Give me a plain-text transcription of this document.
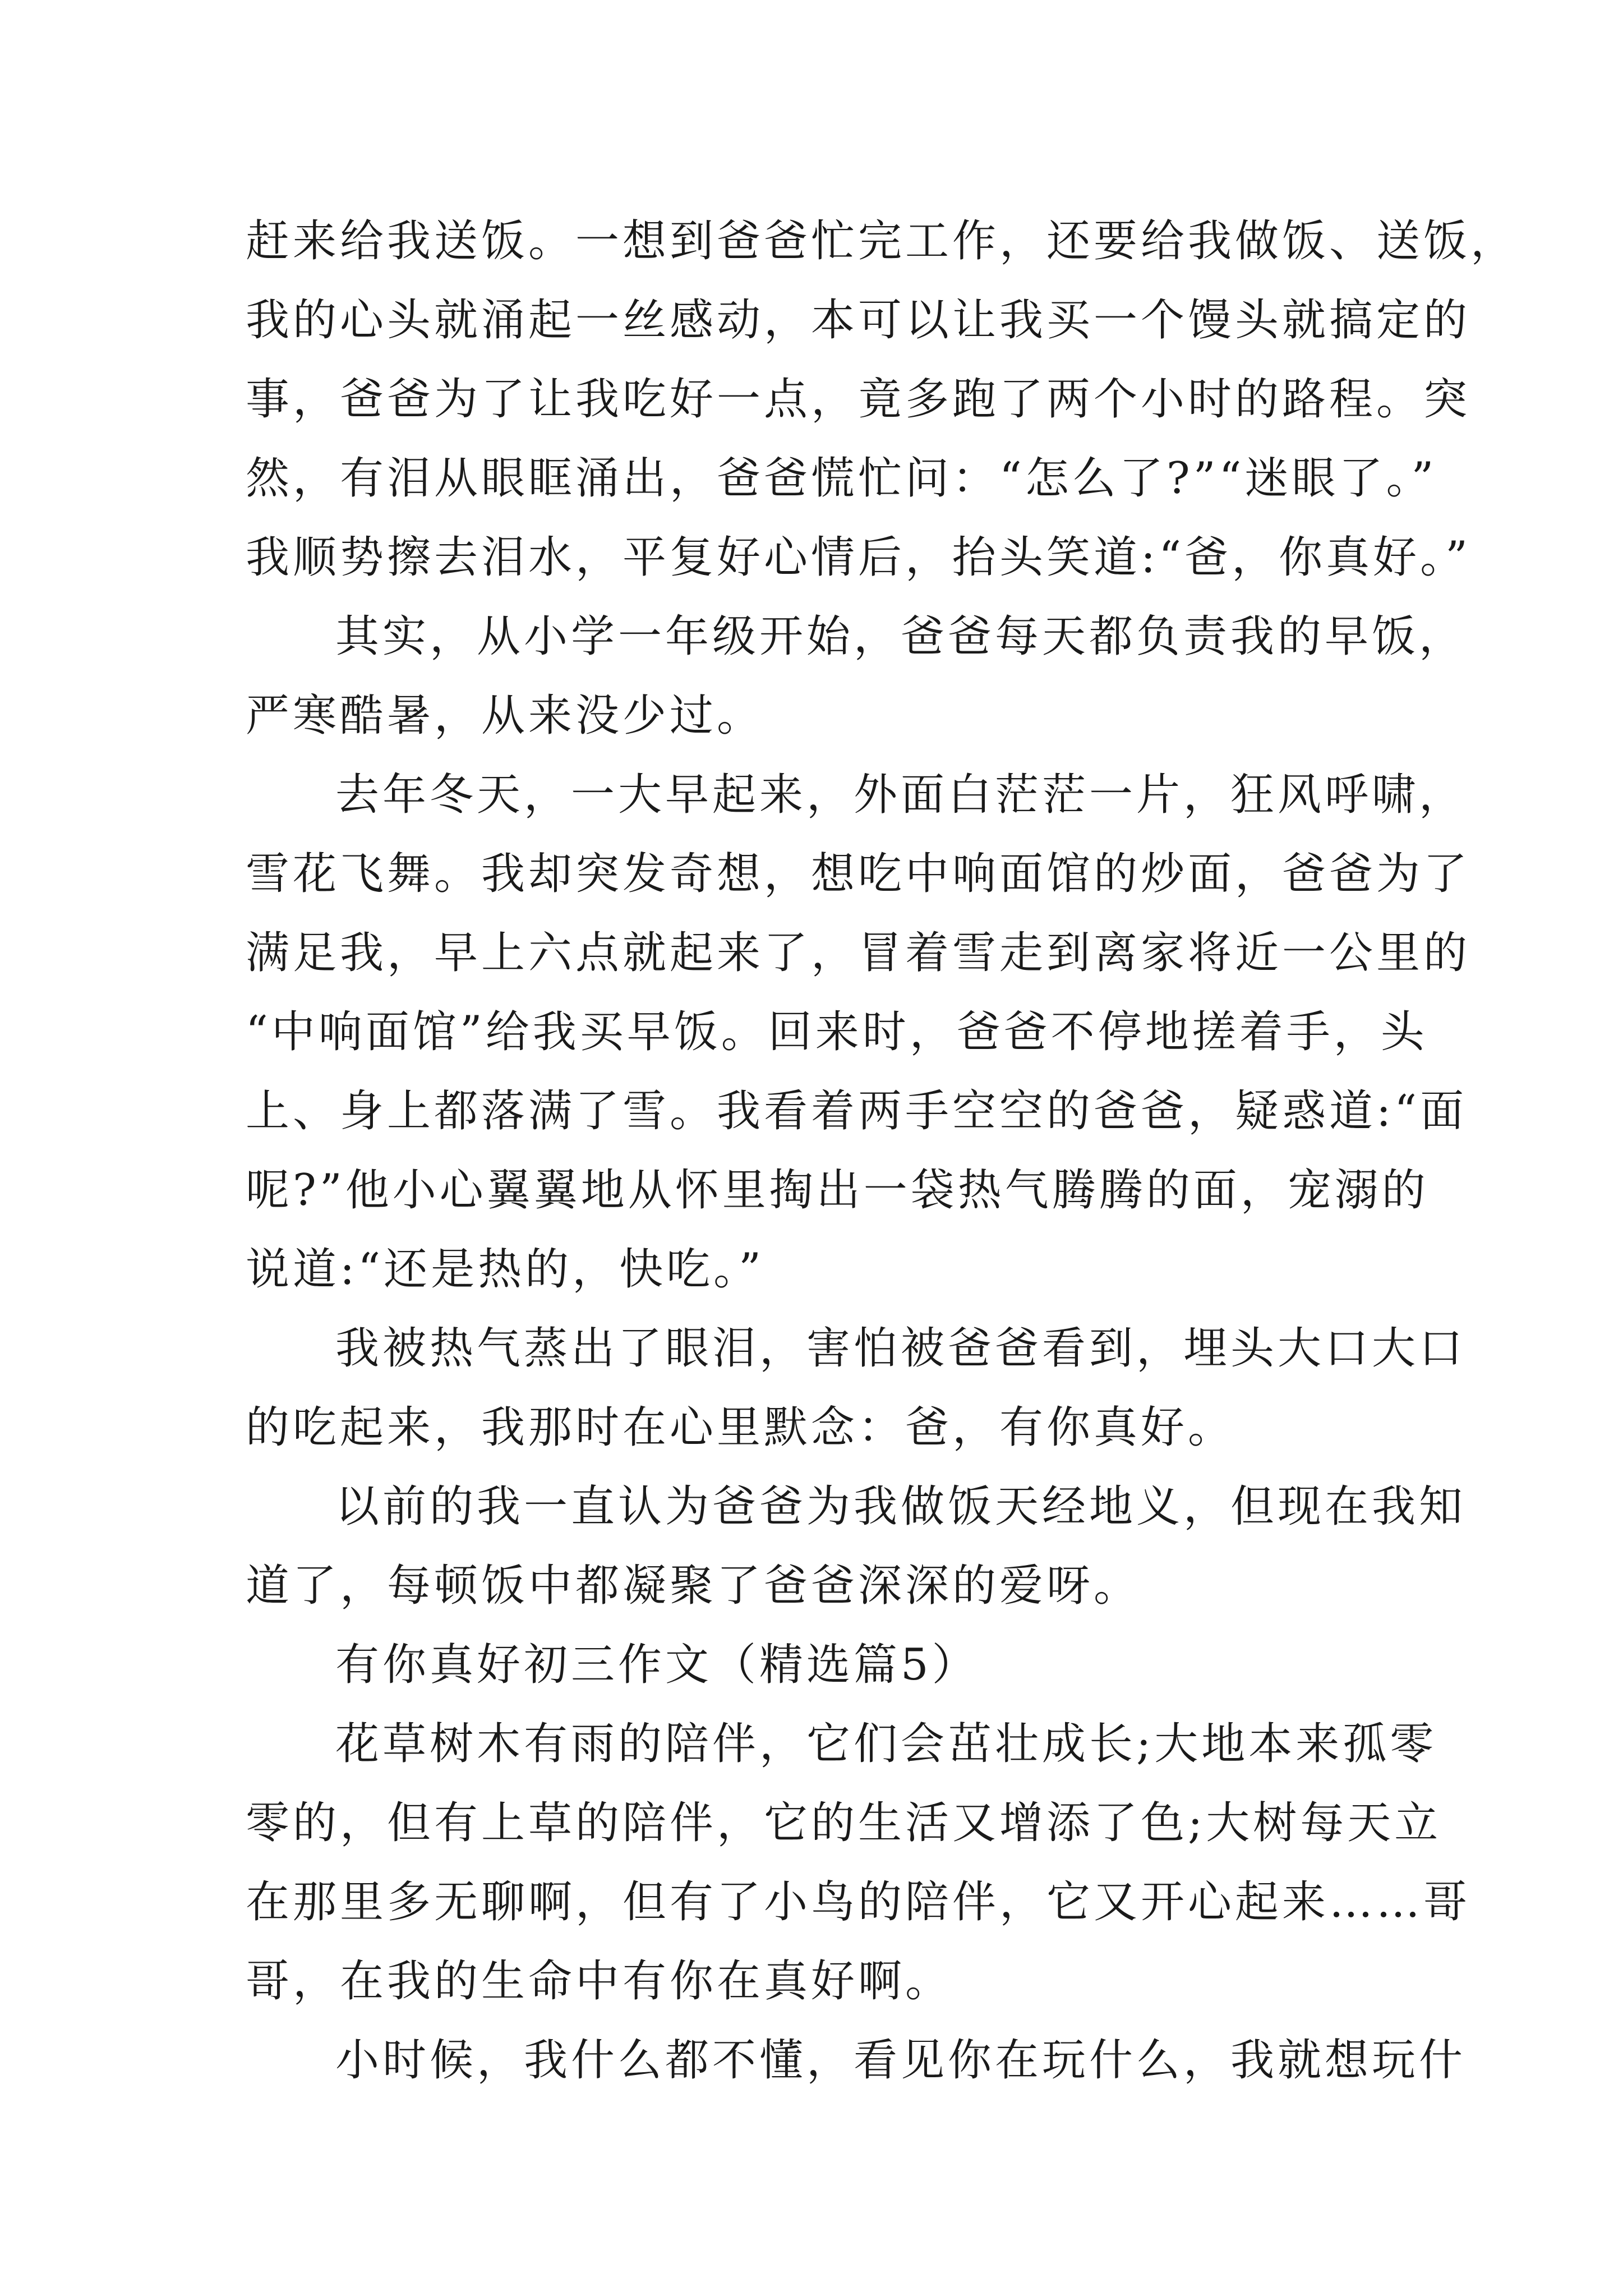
赶来给我送饭。一想到爸爸忙完工作，还要给我做饭、送饭，
我的心头就涌起一丝感动，本可以让我买一个馒头就搞定的
事，爸爸为了让我吃好一点，竟多跑了两个小时的路程。突
然，有泪从眼眶涌出，爸爸慌忙问：“怎么了?”“迷眼了。”
我顺势擦去泪水，平复好心情后，抬头笑道:“爸，你真好。”
其实，从小学一年级开始，爸爸每天都负责我的早饭，
严寒酷暑，从来没少过。
去年冬天，一大早起来，外面白茫茫一片，狂风呼啸，
雪花飞舞。我却突发奇想，想吃中响面馆的炒面，爸爸为了
满足我，早上六点就起来了，冒着雪走到离家将近一公里的
“中响面馆”给我买早饭。回来时，爸爸不停地搓着手，头
上、身上都落满了雪。我看着两手空空的爸爸，疑惑道:“面
呢?”他小心翼翼地从怀里掏出一袋热气腾腾的面，宠溺的
说道:“还是热的，快吃。”
我被热气蒸出了眼泪，害怕被爸爸看到，埋头大口大口
的吃起来，我那时在心里默念：爸，有你真好。
以前的我一直认为爸爸为我做饭天经地义，但现在我知
道了，每顿饭中都凝聚了爸爸深深的爱呀。
有你真好初三作文（精选篇5）
花草树木有雨的陪伴，它们会茁壮成长;大地本来孤零
零的，但有上草的陪伴，它的生活又增添了色;大树每天立
在那里多无聊啊，但有了小鸟的陪伴，它又开心起来……哥
哥，在我的生命中有你在真好啊。
小时候，我什么都不懂，看见你在玩什么，我就想玩什
